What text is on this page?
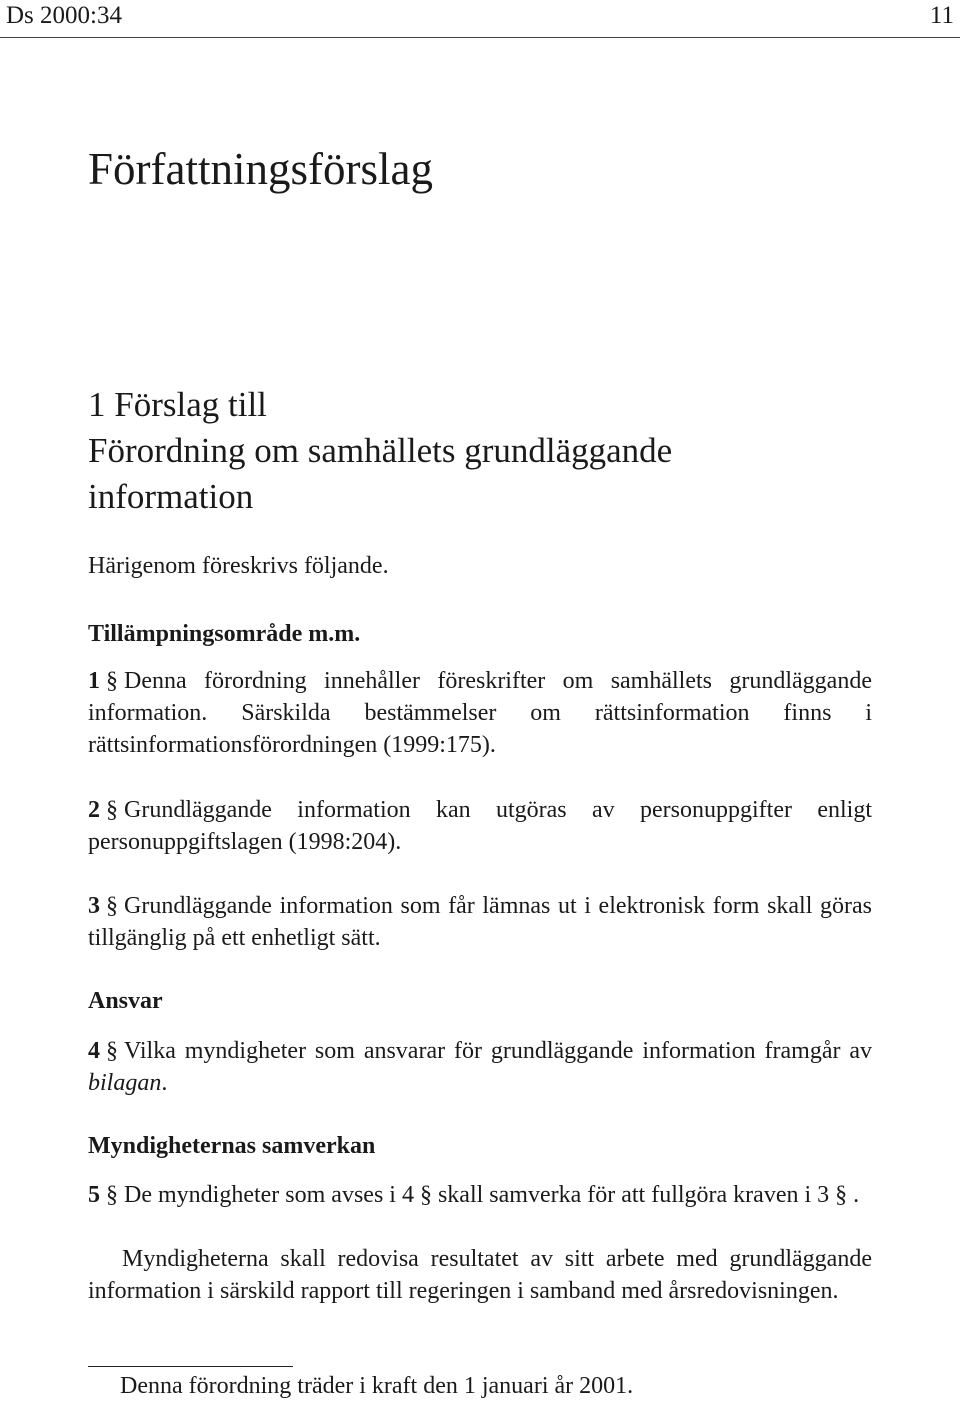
Ds 2000:34	11
Författningsförslag
1 Förslag till
Förordning om samhällets grundläggande
information
Härigenom föreskrivs följande.
Tillämpningsområde m.m.

1 § Denna förordning innehåller föreskrifter om samhällets grundläggande information. Särskilda bestämmelser om rättsinformation finns i rättsinformationsförordningen (1999:175).

2 § Grundläggande information kan utgöras av personuppgifter enligt personuppgiftslagen (1998:204).

3 § Grundläggande information som får lämnas ut i elektronisk form skall göras tillgänglig på ett enhetligt sätt.

Ansvar

4 § Vilka myndigheter som ansvarar för grundläggande information framgår av bilagan.

Myndigheternas samverkan

5 § De myndigheter som avses i 4 § skall samverka för att fullgöra kraven i 3 § .

Myndigheterna skall redovisa resultatet av sitt arbete med grundläggande information i särskild rapport till regeringen i samband med årsredovisningen.

Denna förordning träder i kraft den 1 januari år 2001.
